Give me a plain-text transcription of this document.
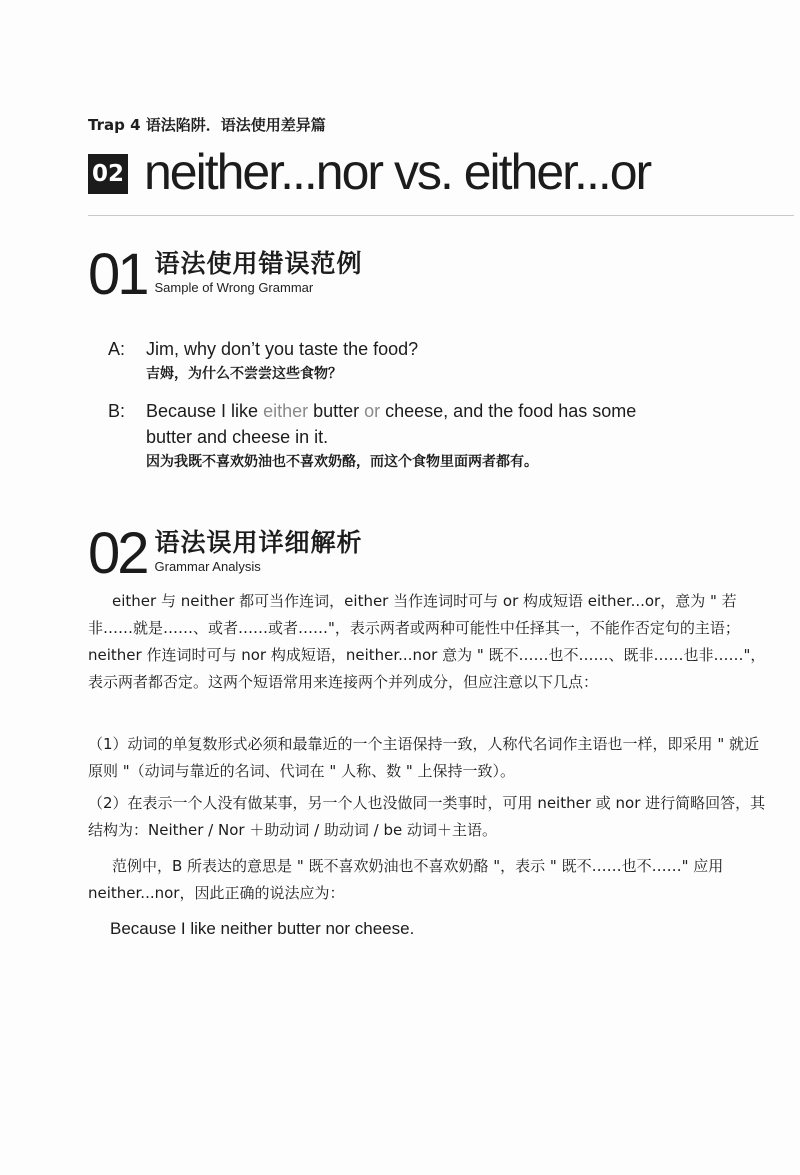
Trap 4 语法陷阱．语法使用差异篇
02 neither...nor vs. either...or
01 语法使用错误范例
Sample of Wrong Grammar
A:	Jim, why don’t you taste the food?
吉姆，为什么不尝尝这些食物？
B:	Because I like either butter or cheese, and the food has some
butter and cheese in it.
因为我既不喜欢奶油也不喜欢奶酪，而这个食物里面两者都有。
02 语法误用详细解析
Grammar Analysis
either 与 neither 都可当作连词，either 当作连词时可与 or 构成短语 either...or，意为 " 若非……就是……、或者……或者……"，表示两者或两种可能性中任择其一，不能作否定句的主语；neither 作连词时可与 nor 构成短语，neither...nor 意为 " 既不……也不……、既非……也非……"，表示两者都否定。这两个短语常用来连接两个并列成分，但应注意以下几点：
（1）动词的单复数形式必须和最靠近的一个主语保持一致，人称代名词作主语也一样，即采用 " 就近原则 "（动词与靠近的名词、代词在 " 人称、数 " 上保持一致）。
（2）在表示一个人没有做某事，另一个人也没做同一类事时，可用 neither 或 nor 进行简略回答，其结构为：Neither / Nor ＋助动词 / 助动词 / be 动词＋主语。
范例中，B 所表达的意思是 " 既不喜欢奶油也不喜欢奶酪 "，表示 " 既不……也不……" 应用 neither...nor，因此正确的说法应为：
Because I like neither butter nor cheese.
